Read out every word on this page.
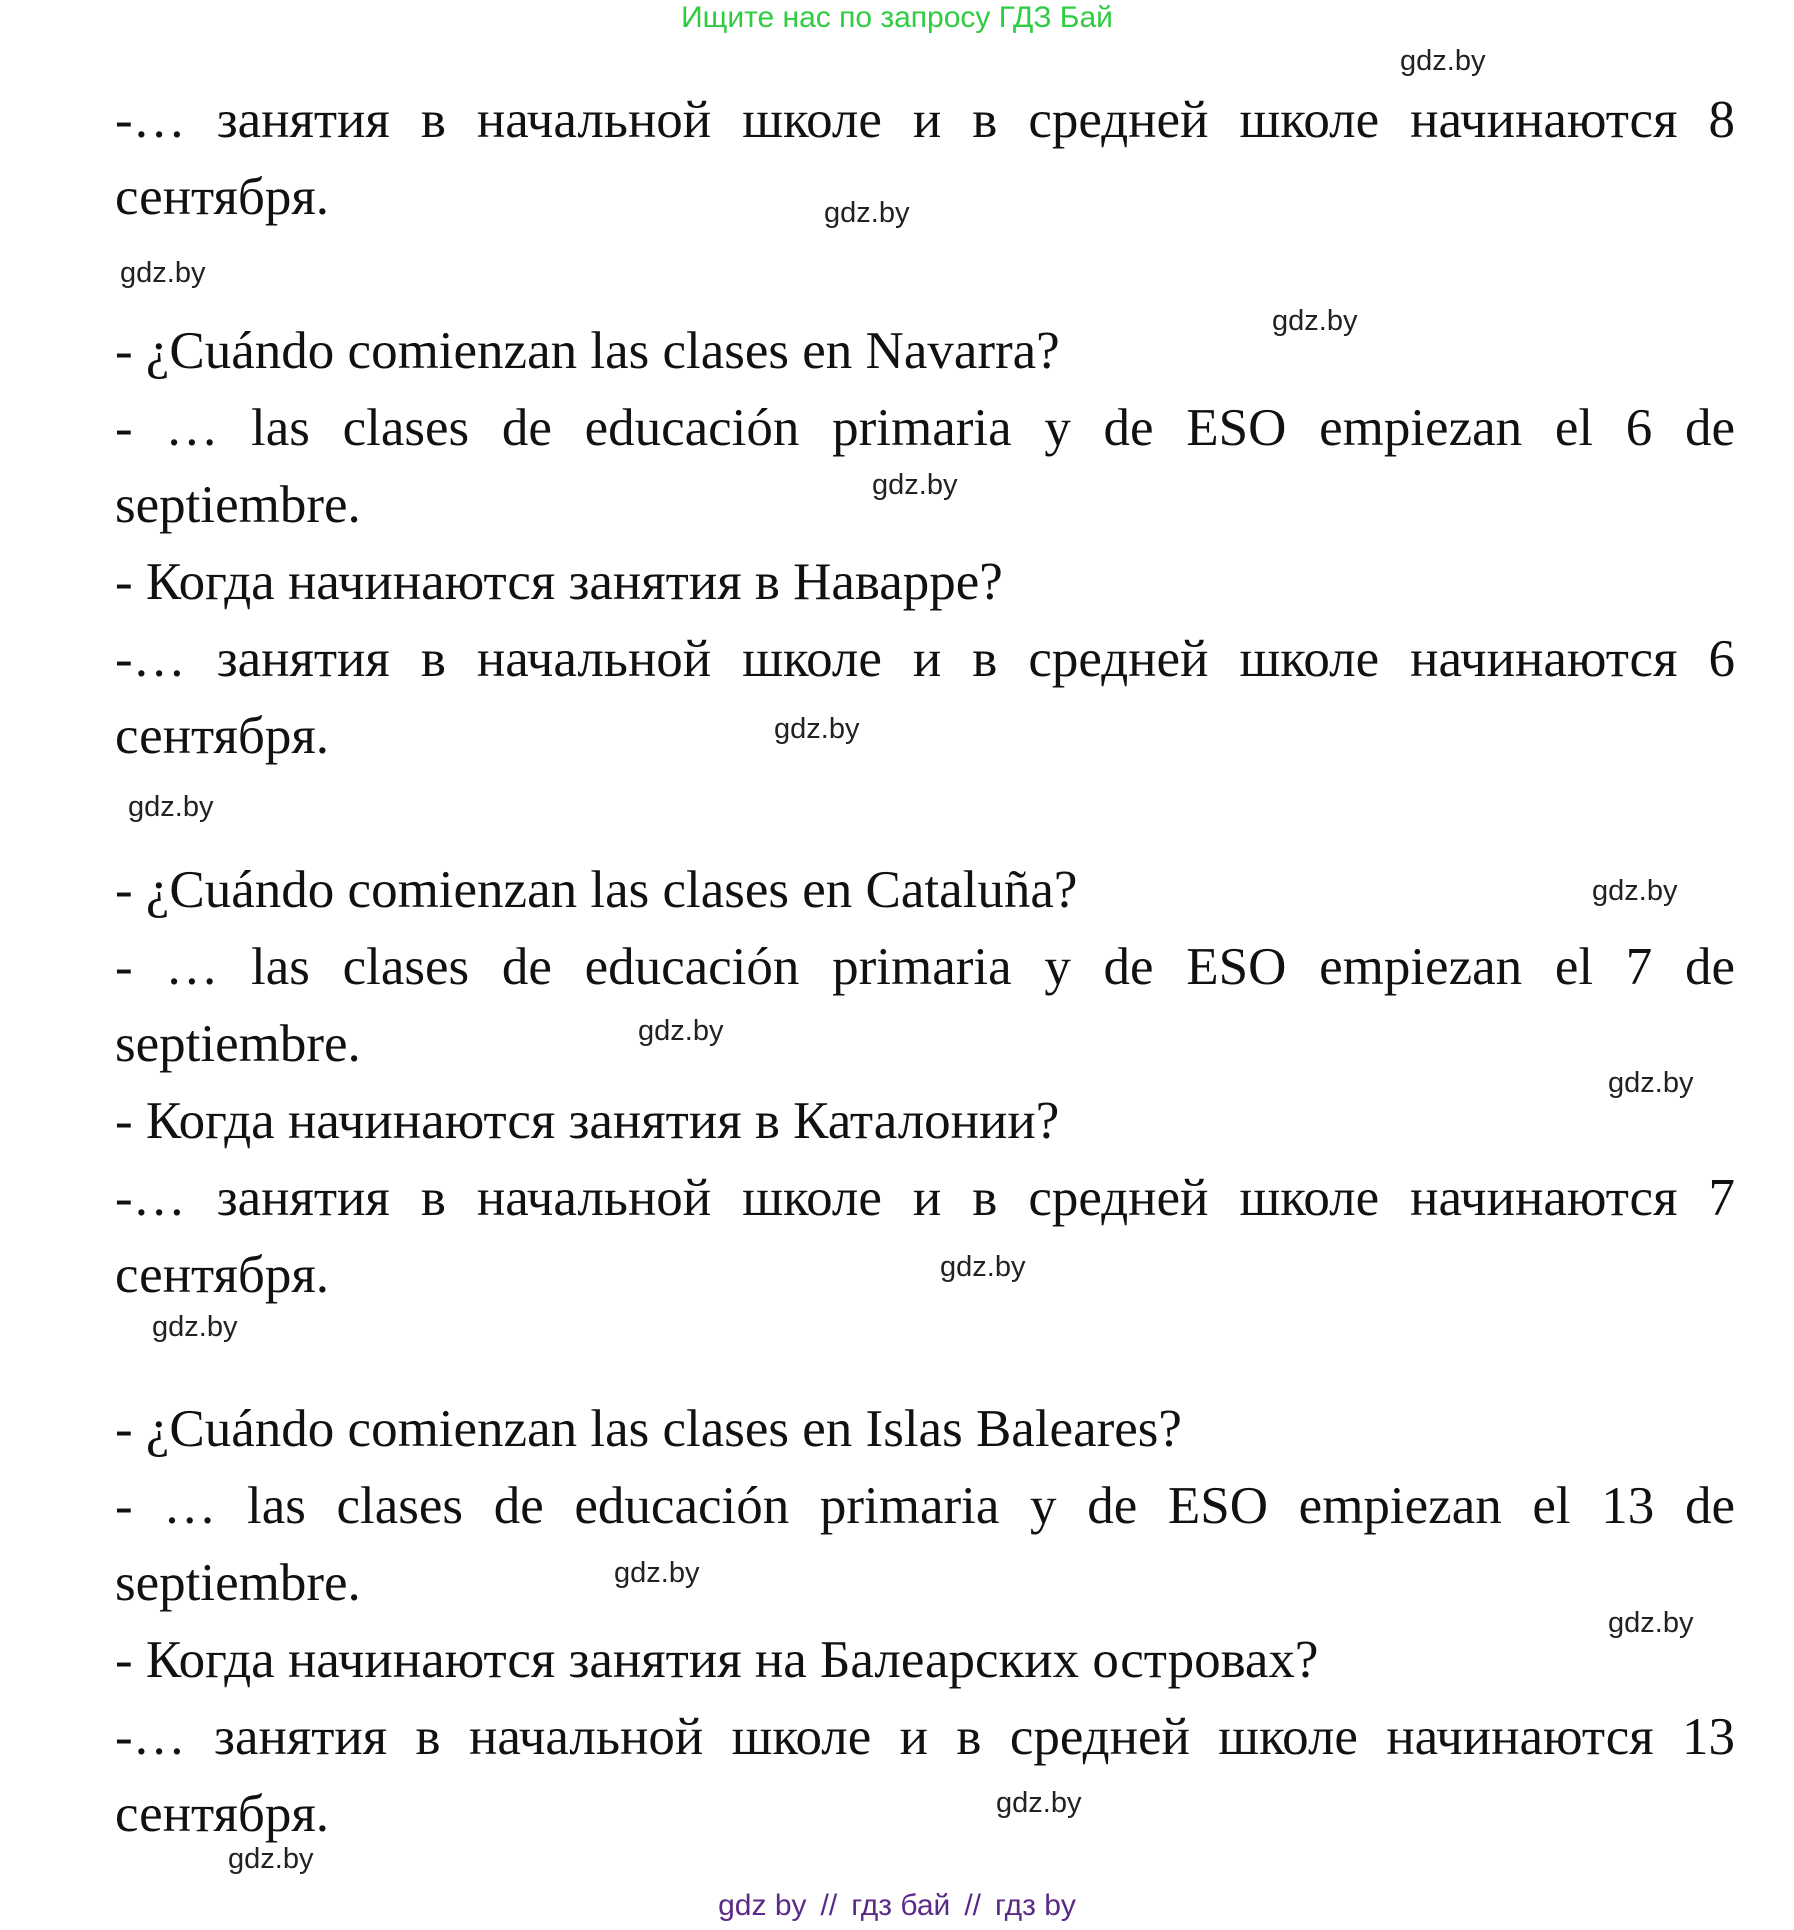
Ищите нас по запросу ГДЗ Бай

-… занятия в начальной школе и в средней школе начинаются 8 сентября.

- ¿Cuándo comienzan las clases en Navarra?

- … las clases de educación primaria y de ESO empiezan el 6 de septiembre.

- Когда начинаются занятия в Наварре?

-… занятия в начальной школе и в средней школе начинаются 6 сентября.

- ¿Cuándo comienzan las clases en Cataluña?

- … las clases de educación primaria y de ESO empiezan el 7 de septiembre.

- Когда начинаются занятия в Каталонии?

-… занятия в начальной школе и в средней школе начинаются 7 сентября.

- ¿Cuándo comienzan las clases en Islas Baleares?

- … las clases de educación primaria y de ESO empiezan el 13 de septiembre.

- Когда начинаются занятия на Балеарских островах?

-… занятия в начальной школе и в средней школе начинаются 13 сентября.

gdz.by
gdz.by
gdz.by
gdz.by
gdz.by
gdz.by
gdz.by
gdz.by
gdz.by
gdz.by
gdz.by
gdz.by
gdz.by
gdz.by
gdz.by
gdz.by
gdz by // гдз бай // гдз by
